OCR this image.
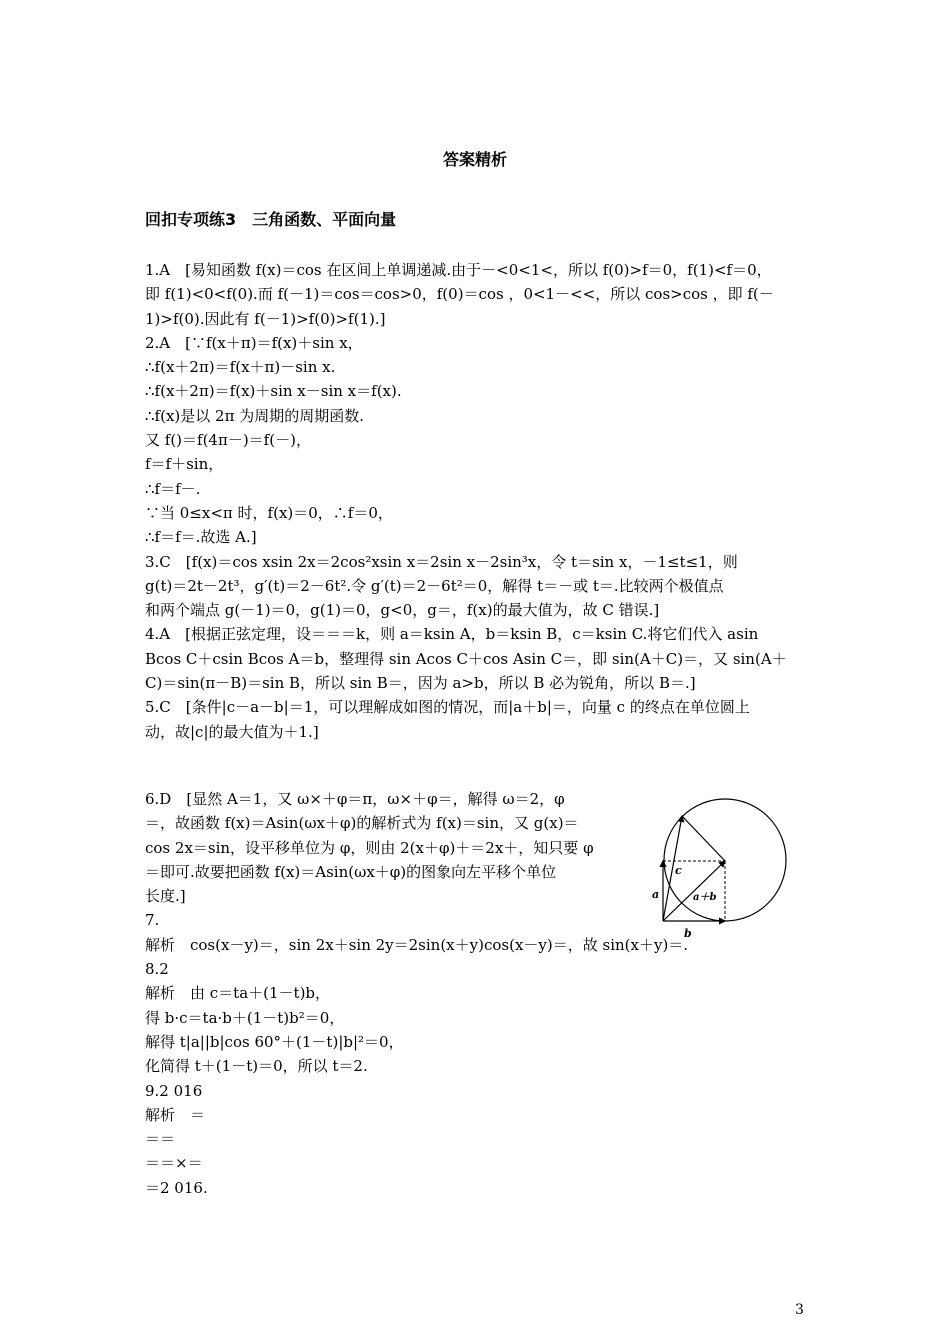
答案精析
回扣专项练3　三角函数、平面向量
1.A　[易知函数 f(x)＝cos 在区间上单调递减.由于－<0<1<，所以 f(0)>f＝0，f(1)<f＝0，
即 f(1)<0<f(0).而 f(－1)＝cos＝cos>0，f(0)＝cos ，0<1－<<，所以 cos>cos ，即 f(－
1)>f(0).因此有 f(－1)>f(0)>f(1).]
2.A　[∵f(x＋π)＝f(x)＋sin x，
∴f(x＋2π)＝f(x＋π)－sin x.
∴f(x＋2π)＝f(x)＋sin x－sin x＝f(x).
∴f(x)是以 2π 为周期的周期函数.
又 f()＝f(4π－)＝f(－)，
f＝f＋sin，
∴f＝f－.
∵当 0≤x<π 时，f(x)＝0，∴f＝0，
∴f＝f＝.故选 A.]
3.C　[f(x)＝cos xsin 2x＝2cos²xsin x＝2sin x－2sin³x，令 t＝sin x，－1≤t≤1，则
g(t)＝2t－2t³，g′(t)＝2－6t².令 g′(t)＝2－6t²＝0，解得 t＝－或 t＝.比较两个极值点
和两个端点 g(－1)＝0，g(1)＝0，g<0，g＝，f(x)的最大值为，故 C 错误.]
4.A　[根据正弦定理，设＝＝＝k，则 a＝ksin A，b＝ksin B，c＝ksin C.将它们代入 asin
Bcos C＋csin Bcos A＝b，整理得 sin Acos C＋cos Asin C＝，即 sin(A＋C)＝，又 sin(A＋
C)＝sin(π－B)＝sin B，所以 sin B＝，因为 a>b，所以 B 必为锐角，所以 B＝.]
5.C　[条件|c－a－b|＝1，可以理解成如图的情况，而|a＋b|＝，向量 c 的终点在单位圆上
动，故|c|的最大值为＋1.]
6.D　[显然 A＝1，又 ω×＋φ＝π，ω×＋φ＝，解得 ω＝2，φ
＝，故函数 f(x)＝Asin(ωx＋φ)的解析式为 f(x)＝sin，又 g(x)＝
cos 2x＝sin，设平移单位为 φ，则由 2(x＋φ)＋＝2x＋，知只要 φ
＝即可.故要把函数 f(x)＝Asin(ωx＋φ)的图象向左平移个单位
长度.]
7.
解析　cos(x－y)＝，sin 2x＋sin 2y＝2sin(x＋y)cos(x－y)＝，故 sin(x＋y)＝.
8.2
解析　由 c＝ta＋(1－t)b，
得 b·c＝ta·b＋(1－t)b²＝0，
解得 t|a||b|cos 60°＋(1－t)|b|²＝0，
化简得 t＋(1－t)＝0，所以 t＝2.
9.2 016
解析　＝
＝＝
＝＝×＝
＝2 016.
c
a	a＋b
b
3
